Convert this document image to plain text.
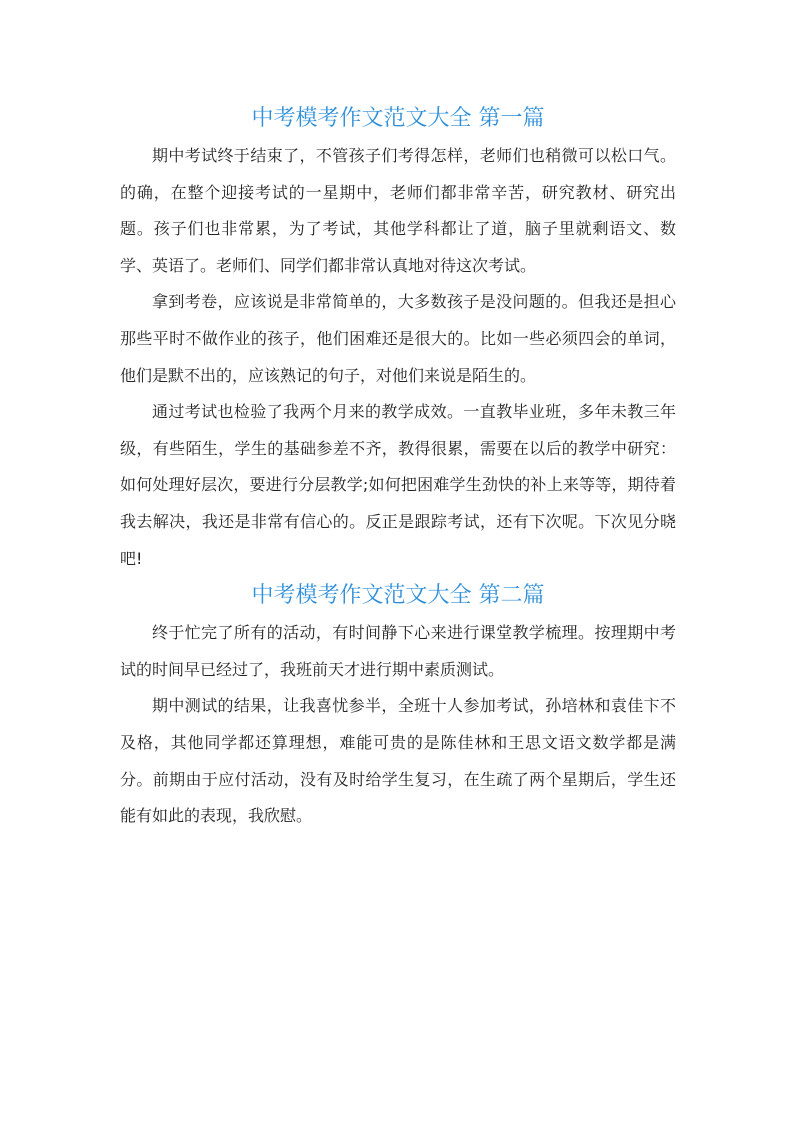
中考模考作文范文大全 第一篇

期中考试终于结束了，不管孩子们考得怎样，老师们也稍微可以松口气。的确，在整个迎接考试的一星期中，老师们都非常辛苦，研究教材、研究出题。孩子们也非常累，为了考试，其他学科都让了道，脑子里就剩语文、数学、英语了。老师们、同学们都非常认真地对待这次考试。

拿到考卷，应该说是非常简单的，大多数孩子是没问题的。但我还是担心那些平时不做作业的孩子，他们困难还是很大的。比如一些必须四会的单词，他们是默不出的，应该熟记的句子，对他们来说是陌生的。

通过考试也检验了我两个月来的教学成效。一直教毕业班，多年未教三年级，有些陌生，学生的基础参差不齐，教得很累，需要在以后的教学中研究：如何处理好层次，要进行分层教学;如何把困难学生劲快的补上来等等，期待着我去解决，我还是非常有信心的。反正是跟踪考试，还有下次呢。下次见分晓吧!

中考模考作文范文大全 第二篇

终于忙完了所有的活动，有时间静下心来进行课堂教学梳理。按理期中考试的时间早已经过了，我班前天才进行期中素质测试。

期中测试的结果，让我喜忧参半，全班十人参加考试，孙培林和袁佳卞不及格，其他同学都还算理想，难能可贵的是陈佳林和王思文语文数学都是满分。前期由于应付活动，没有及时给学生复习，在生疏了两个星期后，学生还能有如此的表现，我欣慰。
